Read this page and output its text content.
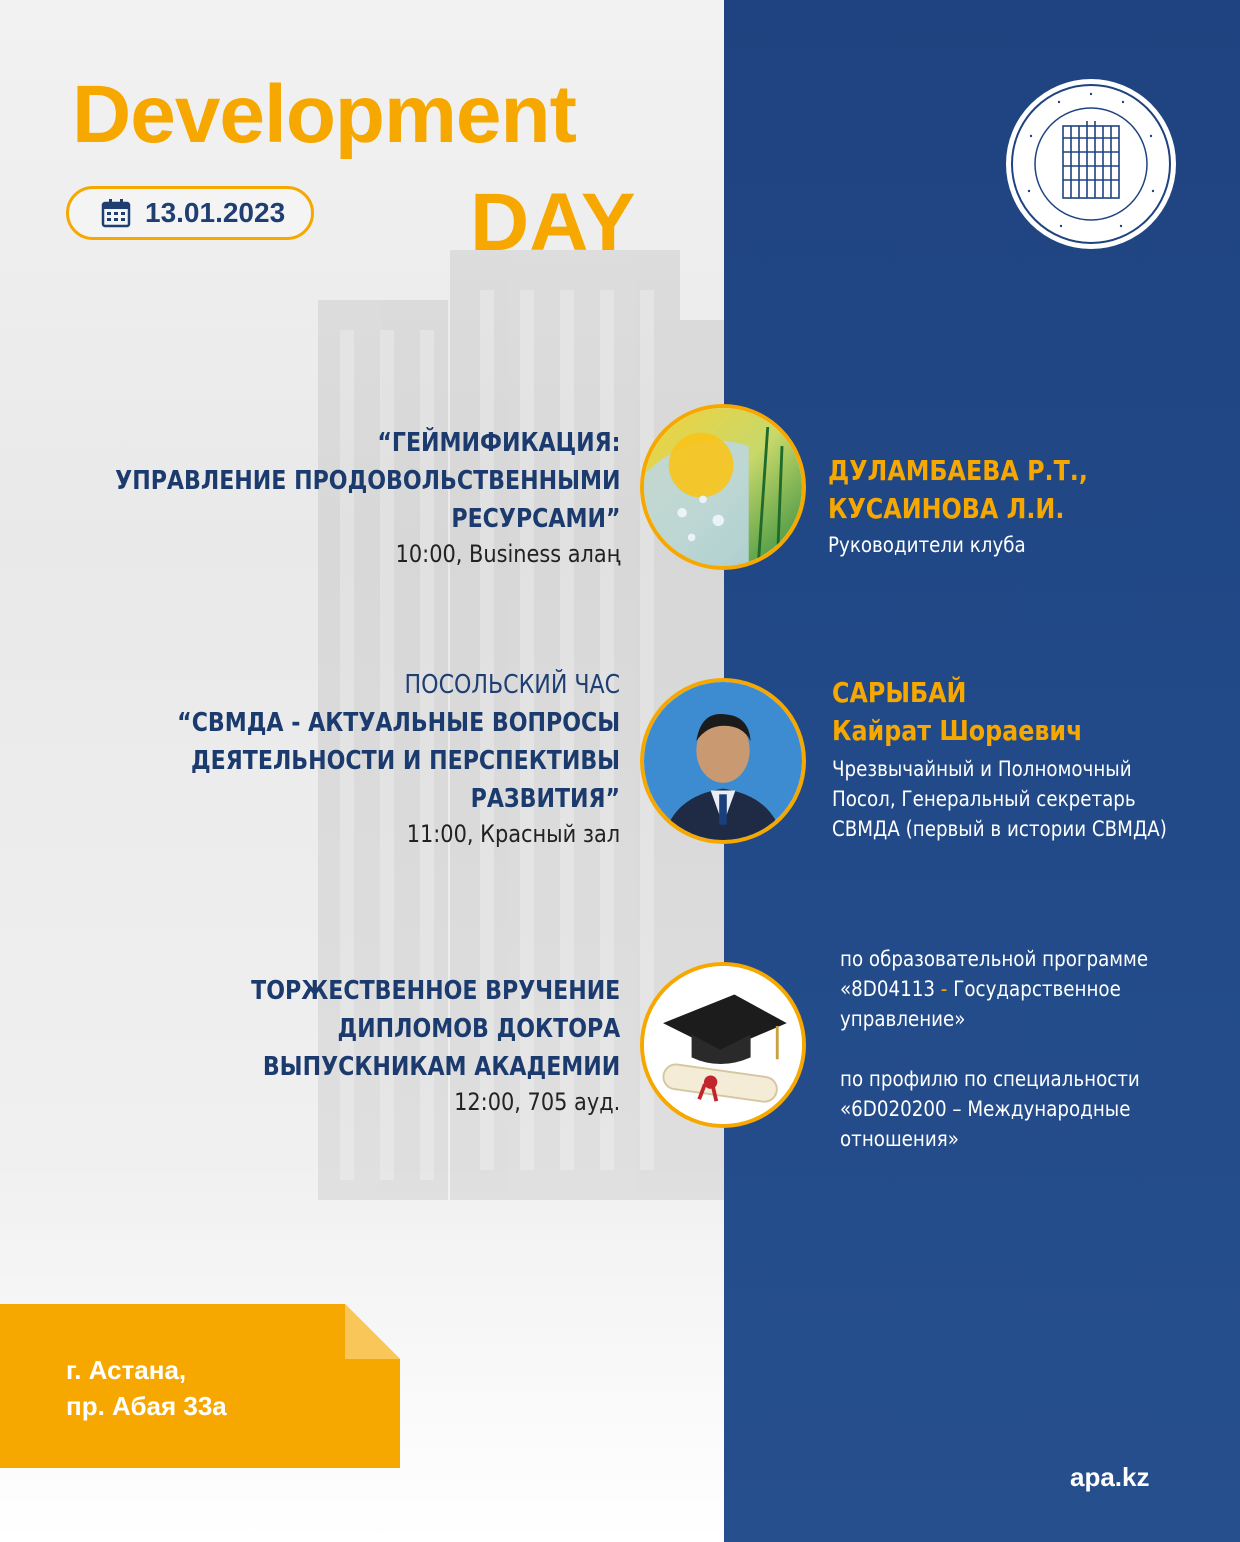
Development
DAY
13.01.2023
“ГЕЙМИФИКАЦИЯ:
УПРАВЛЕНИЕ ПРОДОВОЛЬСТВЕННЫМИ
РЕСУРСАМИ”
10:00, Business алаң
ДУЛАМБАЕВА Р.Т.,
КУСАИНОВА Л.И.
Руководители клуба
ПОСОЛЬСКИЙ ЧАС
“СВМДА - АКТУАЛЬНЫЕ ВОПРОСЫ
ДЕЯТЕЛЬНОСТИ И ПЕРСПЕКТИВЫ
РАЗВИТИЯ”
11:00, Красный зал
САРЫБАЙ
Кайрат Шораевич
Чрезвычайный и Полномочный
Посол, Генеральный секретарь
СВМДА (первый в истории СВМДА)
ТОРЖЕСТВЕННОЕ ВРУЧЕНИЕ
ДИПЛОМОВ ДОКТОРА
ВЫПУСКНИКАМ АКАДЕМИИ
12:00, 705 ауд.
по образовательной программе
«8D04113 - Государственное
управление»
по профилю по специальности
«6D020200 – Международные
отношения»
г. Астана,
пр. Абая 33а
apa.kz
